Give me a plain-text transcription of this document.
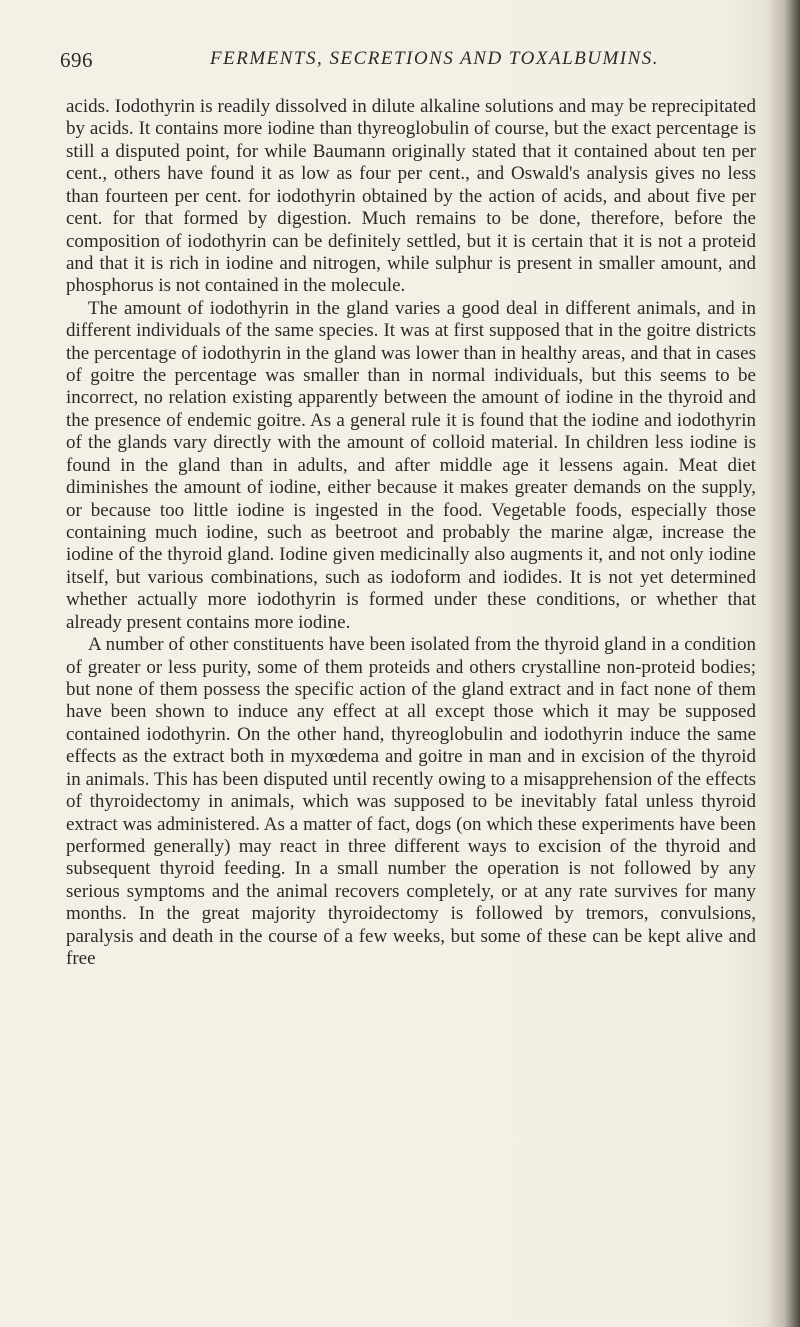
696	FERMENTS, SECRETIONS AND TOXALBUMINS.

acids. Iodothyrin is readily dissolved in dilute alkaline solutions and may be reprecipitated by acids. It contains more iodine than thyreoglobulin of course, but the exact percentage is still a disputed point, for while Baumann originally stated that it contained about ten per cent., others have found it as low as four per cent., and Oswald's analysis gives no less than fourteen per cent. for iodothyrin obtained by the action of acids, and about five per cent. for that formed by digestion. Much remains to be done, therefore, before the composition of iodothyrin can be definitely settled, but it is certain that it is not a proteid and that it is rich in iodine and nitrogen, while sulphur is present in smaller amount, and phosphorus is not contained in the molecule.

The amount of iodothyrin in the gland varies a good deal in different animals, and in different individuals of the same species. It was at first supposed that in the goitre districts the percentage of iodothyrin in the gland was lower than in healthy areas, and that in cases of goitre the percentage was smaller than in normal individuals, but this seems to be incorrect, no relation existing apparently between the amount of iodine in the thyroid and the presence of endemic goitre. As a general rule it is found that the iodine and iodothyrin of the glands vary directly with the amount of colloid material. In children less iodine is found in the gland than in adults, and after middle age it lessens again. Meat diet diminishes the amount of iodine, either because it makes greater demands on the supply, or because too little iodine is ingested in the food. Vegetable foods, especially those containing much iodine, such as beetroot and probably the marine algæ, increase the iodine of the thyroid gland. Iodine given medicinally also augments it, and not only iodine itself, but various combinations, such as iodoform and iodides. It is not yet determined whether actually more iodothyrin is formed under these conditions, or whether that already present contains more iodine.

A number of other constituents have been isolated from the thyroid gland in a condition of greater or less purity, some of them proteids and others crystalline non-proteid bodies; but none of them possess the specific action of the gland extract and in fact none of them have been shown to induce any effect at all except those which it may be supposed contained iodothyrin. On the other hand, thyreoglobulin and iodothyrin induce the same effects as the extract both in myxœdema and goitre in man and in excision of the thyroid in animals. This has been disputed until recently owing to a misapprehension of the effects of thyroidectomy in animals, which was supposed to be inevitably fatal unless thyroid extract was administered. As a matter of fact, dogs (on which these experiments have been performed generally) may react in three different ways to excision of the thyroid and subsequent thyroid feeding. In a small number the operation is not followed by any serious symptoms and the animal recovers completely, or at any rate survives for many months. In the great majority thyroidectomy is followed by tremors, convulsions, paralysis and death in the course of a few weeks, but some of these can be kept alive and free
